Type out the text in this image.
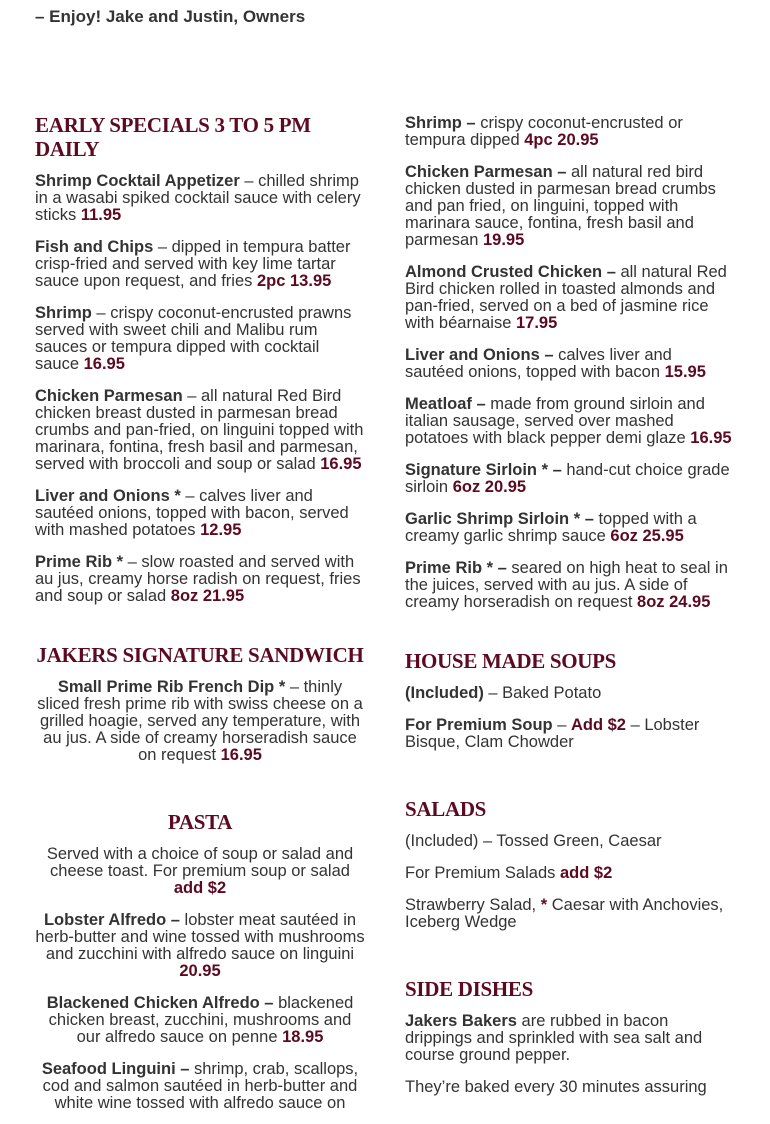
– Enjoy! Jake and Justin, Owners
EARLY SPECIALS 3 TO 5 PM DAILY

Shrimp Cocktail Appetizer – chilled shrimp in a wasabi spiked cocktail sauce with celery sticks 11.95

Fish and Chips – dipped in tempura batter crisp-fried and served with key lime tartar sauce upon request, and fries 2pc 13.95

Shrimp – crispy coconut-encrusted prawns served with sweet chili and Malibu rum sauces or tempura dipped with cocktail sauce 16.95

Chicken Parmesan – all natural Red Bird chicken breast dusted in parmesan bread crumbs and pan-fried, on linguini topped with marinara, fontina, fresh basil and parmesan, served with broccoli and soup or salad 16.95

Liver and Onions * – calves liver and sautéed onions, topped with bacon, served with mashed potatoes 12.95

Prime Rib * – slow roasted and served with au jus, creamy horse radish on request, fries and soup or salad 8oz 21.95

JAKERS SIGNATURE SANDWICH

Small Prime Rib French Dip * – thinly sliced fresh prime rib with swiss cheese on a grilled hoagie, served any temperature, with au jus. A side of creamy horseradish sauce on request 16.95

PASTA

Served with a choice of soup or salad and cheese toast. For premium soup or salad add $2

Lobster Alfredo – lobster meat sautéed in herb-butter and wine tossed with mushrooms and zucchini with alfredo sauce on linguini 20.95

Blackened Chicken Alfredo – blackened chicken breast, zucchini, mushrooms and our alfredo sauce on penne 18.95

Seafood Linguini – shrimp, crab, scallops, cod and salmon sautéed in herb-butter and white wine tossed with alfredo sauce on

Shrimp – crispy coconut-encrusted or tempura dipped 4pc 20.95

Chicken Parmesan – all natural red bird chicken dusted in parmesan bread crumbs and pan fried, on linguini, topped with marinara sauce, fontina, fresh basil and parmesan 19.95

Almond Crusted Chicken – all natural Red Bird chicken rolled in toasted almonds and pan-fried, served on a bed of jasmine rice with béarnaise 17.95

Liver and Onions – calves liver and sautéed onions, topped with bacon 15.95

Meatloaf – made from ground sirloin and italian sausage, served over mashed potatoes with black pepper demi glaze 16.95

Signature Sirloin * – hand-cut choice grade sirloin 6oz 20.95

Garlic Shrimp Sirloin * – topped with a creamy garlic shrimp sauce 6oz 25.95

Prime Rib * – seared on high heat to seal in the juices, served with au jus. A side of creamy horseradish on request 8oz 24.95

HOUSE MADE SOUPS

(Included) – Baked Potato

For Premium Soup – Add $2 – Lobster Bisque, Clam Chowder

SALADS

(Included) – Tossed Green, Caesar

For Premium Salads add $2

Strawberry Salad, * Caesar with Anchovies, Iceberg Wedge

SIDE DISHES

Jakers Bakers are rubbed in bacon drippings and sprinkled with sea salt and course ground pepper.

They’re baked every 30 minutes assuring
